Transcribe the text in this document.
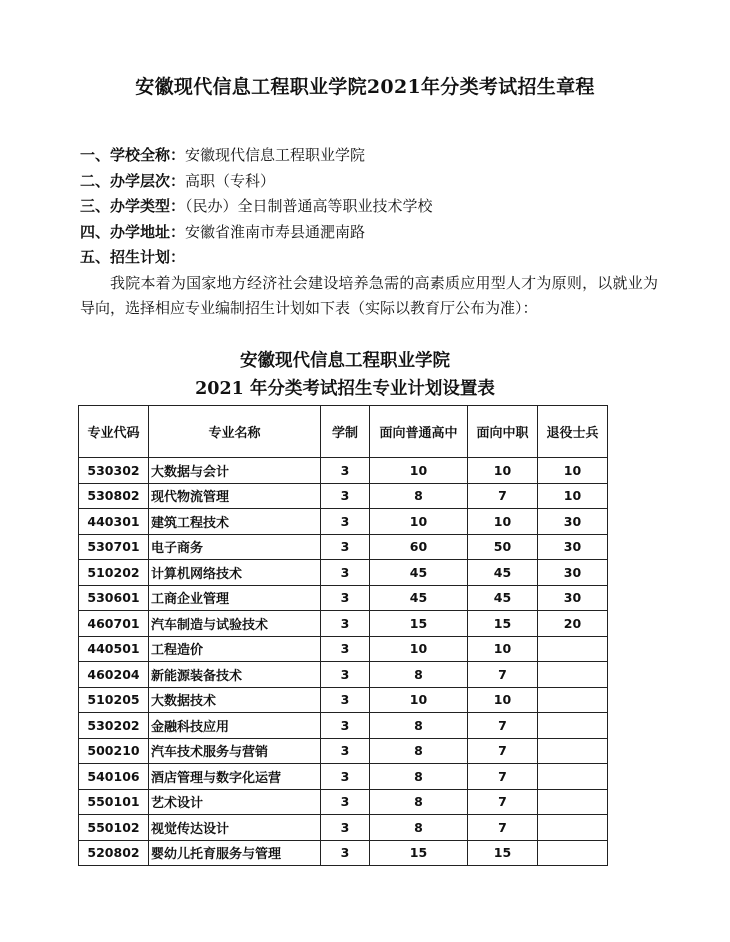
安徽现代信息工程职业学院2021年分类考试招生章程
一、学校全称：安徽现代信息工程职业学院
二、办学层次：高职（专科）
三、办学类型：（民办）全日制普通高等职业技术学校
四、办学地址：安徽省淮南市寿县通淝南路
五、招生计划：
我院本着为国家地方经济社会建设培养急需的高素质应用型人才为原则，以就业为导向，选择相应专业编制招生计划如下表（实际以教育厅公布为准）：
安徽现代信息工程职业学院
2021 年分类考试招生专业计划设置表
专业代码	专业名称	学制	面向普通高中	面向中职	退役士兵
530302	大数据与会计	3	10	10	10
530802	现代物流管理	3	8	7	10
440301	建筑工程技术	3	10	10	30
530701	电子商务	3	60	50	30
510202	计算机网络技术	3	45	45	30
530601	工商企业管理	3	45	45	30
460701	汽车制造与试验技术	3	15	15	20
440501	工程造价	3	10	10	
460204	新能源装备技术	3	8	7	
510205	大数据技术	3	10	10	
530202	金融科技应用	3	8	7	
500210	汽车技术服务与营销	3	8	7	
540106	酒店管理与数字化运营	3	8	7	
550101	艺术设计	3	8	7	
550102	视觉传达设计	3	8	7	
520802	婴幼儿托育服务与管理	3	15	15	
